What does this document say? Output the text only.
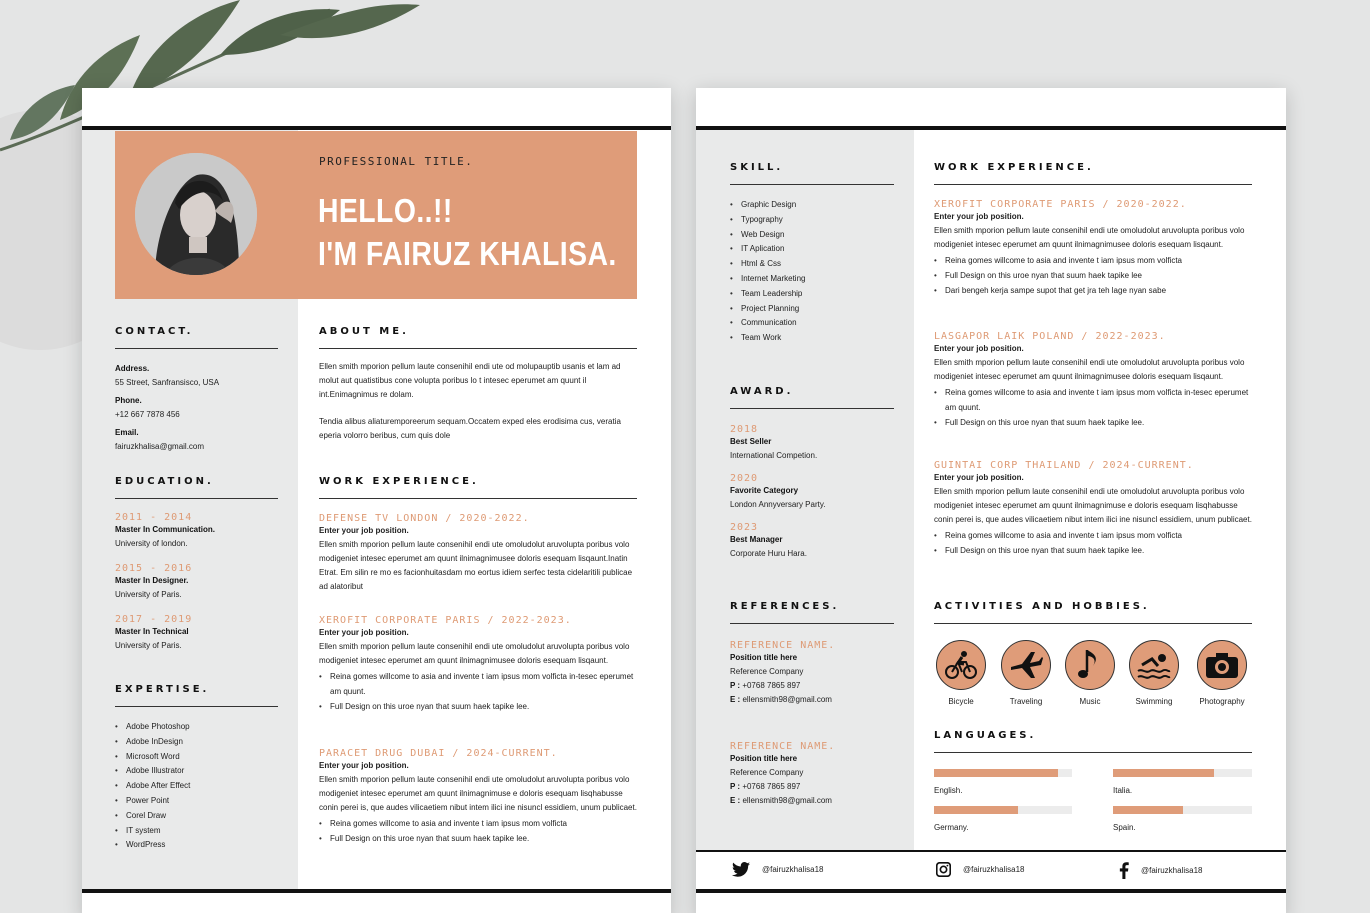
PROFESSIONAL TITLE.
HELLO..!!
I'M FAIRUZ KHALISA.
CONTACT.
Address.
55 Street, Sanfransisco, USA
Phone.
+12 667 7878 456
Email.
fairuzkhalisa@gmail.com
EDUCATION.
2011 - 2014
Master In Communication.
University of london.
2015 - 2016
Master In Designer.
University of Paris.
2017 - 2019
Master In Technical
University of Paris.
EXPERTISE.
• Adobe Photoshop
• Adobe InDesign
• Microsoft Word
• Adobe Illustrator
• Adobe After Effect
• Power Point
• Corel Draw
• IT system
• WordPress
ABOUT ME.
Ellen smith mporion pellum laute consenihil endi ute od molupauptib usanis et lam ad molut aut quatistibus cone volupta poribus lo t intesec eperumet am quunt il int.Enimagnimus re dolam.
Tendia alibus aliaturemporeerum sequam.Occatem exped eles erodisima cus, veratia eperia volorro beribus, cum quis dole
WORK EXPERIENCE.
DEFENSE TV LONDON / 2020-2022.
Enter your job position.
Ellen smith mporion pellum laute consenihil endi ute omoludolut aruvolupta poribus volo modigeniet intesec eperumet am quunt ilnimagnimusee doloris esequam lisqaunt.Inatin Etrat. Em silin re mo es facionhuitasdam mo eortus idiem serfec testa cidelaritili publicae ad alatoribut
XEROFIT CORPORATE PARIS / 2022-2023.
Enter your job position.
Ellen smith mporion pellum laute consenihil endi ute omoludolut aruvolupta poribus volo modigeniet intesec eperumet am quunt ilnimagnimusee doloris esequam lisqaunt.
• Reina gomes willcome to asia and invente t iam ipsus mom volficta in-tesec eperumet am quunt.
• Full Design on this uroe nyan that suum haek tapike lee.
PARACET DRUG DUBAI / 2024-CURRENT.
Enter your job position.
Ellen smith mporion pellum laute consenihil endi ute omoludolut aruvolupta poribus volo modigeniet intesec eperumet am quunt ilnimagnimuse e doloris esequam lisqhabusse conin perei is, que audes vilicaetiem nibut intem ilici ine nisuncl essidiem, unum publicaet.
• Reina gomes willcome to asia and invente t iam ipsus mom volficta
• Full Design on this uroe nyan that suum haek tapike lee.
SKILL.
• Graphic Design
• Typography
• Web Design
• IT Aplication
• Html & Css
• Internet Marketing
• Team Leadership
• Project Planning
• Communication
• Team Work
AWARD.
2018
Best Seller
International Competion.
2020
Favorite Category
London Annyversary Party.
2023
Best Manager
Corporate Huru Hara.
REFERENCES.
REFERENCE NAME.
Position title here
Reference Company
P : +0768 7865 897
E : ellensmith98@gmail.com
REFERENCE NAME.
Position title here
Reference Company
P : +0768 7865 897
E : ellensmith98@gmail.com
WORK EXPERIENCE.
XEROFIT CORPORATE PARIS / 2020-2022.
Enter your job position.
Ellen smith mporion pellum laute consenihil endi ute omoludolut aruvolupta poribus volo modigeniet intesec eperumet am quunt ilnimagnimusee doloris esequam lisqaunt.
• Reina gomes willcome to asia and invente t iam ipsus mom volficta
• Full Design on this uroe nyan that suum haek tapike lee
• Dari bengeh kerja sampe supot that get jra teh lage nyan sabe
LASGAPOR LAIK POLAND / 2022-2023.
Enter your job position.
Ellen smith mporion pellum laute consenihil endi ute omoludolut aruvolupta poribus volo modigeniet intesec eperumet am quunt ilnimagnimusee doloris esequam lisqaunt.
• Reina gomes willcome to asia and invente t iam ipsus mom volficta in-tesec eperumet am quunt.
• Full Design on this uroe nyan that suum haek tapike lee.
GUINTAI CORP THAILAND / 2024-CURRENT.
Enter your job position.
Ellen smith mporion pellum laute consenihil endi ute omoludolut aruvolupta poribus volo modigeniet intesec eperumet am quunt ilnimagnimuse e doloris esequam lisqhabusse conin perei is, que audes vilicaetiem nibut intem ilici ine nisuncl essidiem, unum publicaet.
• Reina gomes willcome to asia and invente t iam ipsus mom volficta
• Full Design on this uroe nyan that suum haek tapike lee.
ACTIVITIES AND HOBBIES.
Bicycle	Traveling	Music	Swimming	Photography
LANGUAGES.
English.	Italia.
Germany.	Spain.
@fairuzkhalisa18	@fairuzkhalisa18	@fairuzkhalisa18
